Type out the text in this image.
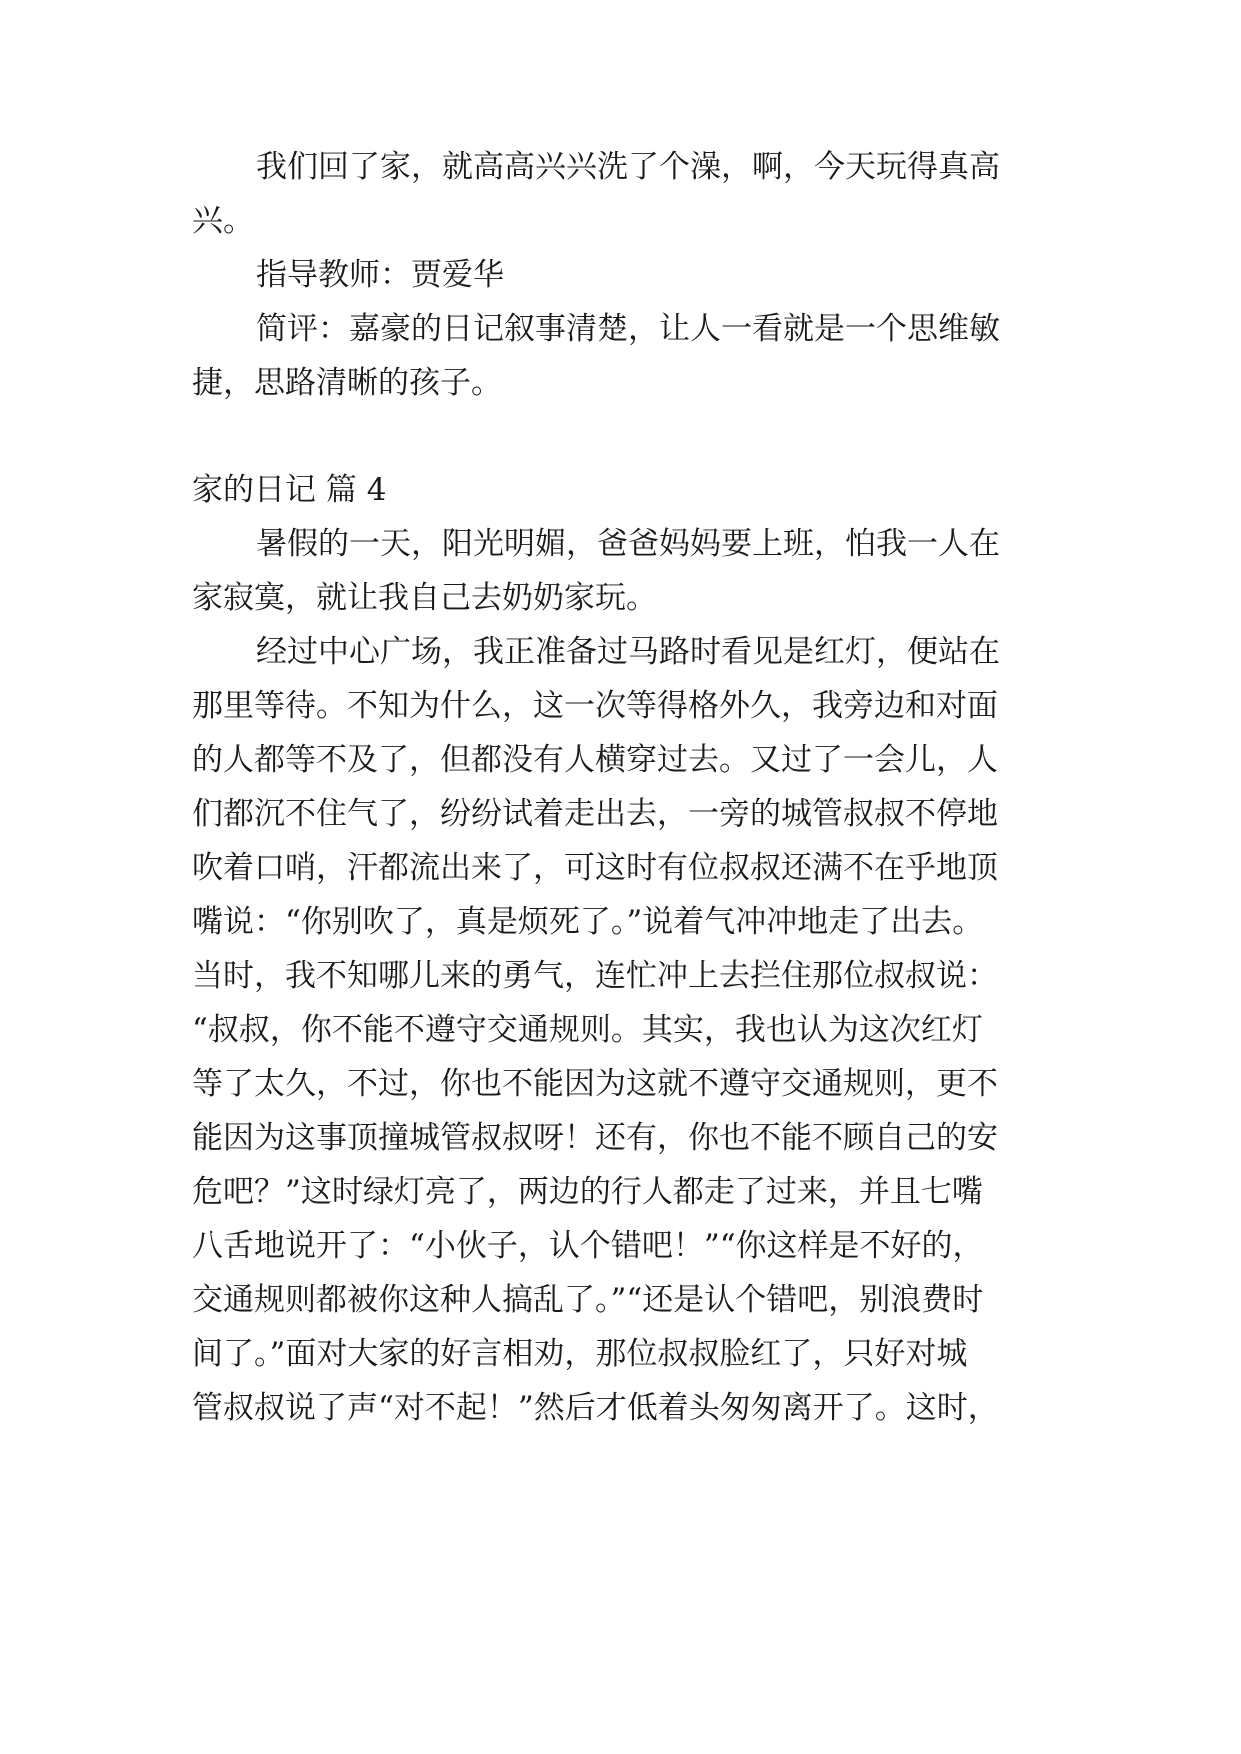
我们回了家，就高高兴兴洗了个澡，啊，今天玩得真高
兴。
指导教师：贾爱华
简评：嘉豪的日记叙事清楚，让人一看就是一个思维敏
捷，思路清晰的孩子。
家的日记 篇 4
暑假的一天，阳光明媚，爸爸妈妈要上班，怕我一人在
家寂寞，就让我自己去奶奶家玩。
经过中心广场，我正准备过马路时看见是红灯，便站在
那里等待。不知为什么，这一次等得格外久，我旁边和对面
的人都等不及了，但都没有人横穿过去。又过了一会儿，人
们都沉不住气了，纷纷试着走出去，一旁的城管叔叔不停地
吹着口哨，汗都流出来了，可这时有位叔叔还满不在乎地顶
嘴说：“你别吹了，真是烦死了。”说着气冲冲地走了出去。
当时，我不知哪儿来的勇气，连忙冲上去拦住那位叔叔说：
“叔叔，你不能不遵守交通规则。其实，我也认为这次红灯
等了太久，不过，你也不能因为这就不遵守交通规则，更不
能因为这事顶撞城管叔叔呀！还有，你也不能不顾自己的安
危吧？”这时绿灯亮了，两边的行人都走了过来，并且七嘴
八舌地说开了：“小伙子，认个错吧！”“你这样是不好的，
交通规则都被你这种人搞乱了。”“还是认个错吧，别浪费时
间了。”面对大家的好言相劝，那位叔叔脸红了，只好对城
管叔叔说了声“对不起！”然后才低着头匆匆离开了。这时，
